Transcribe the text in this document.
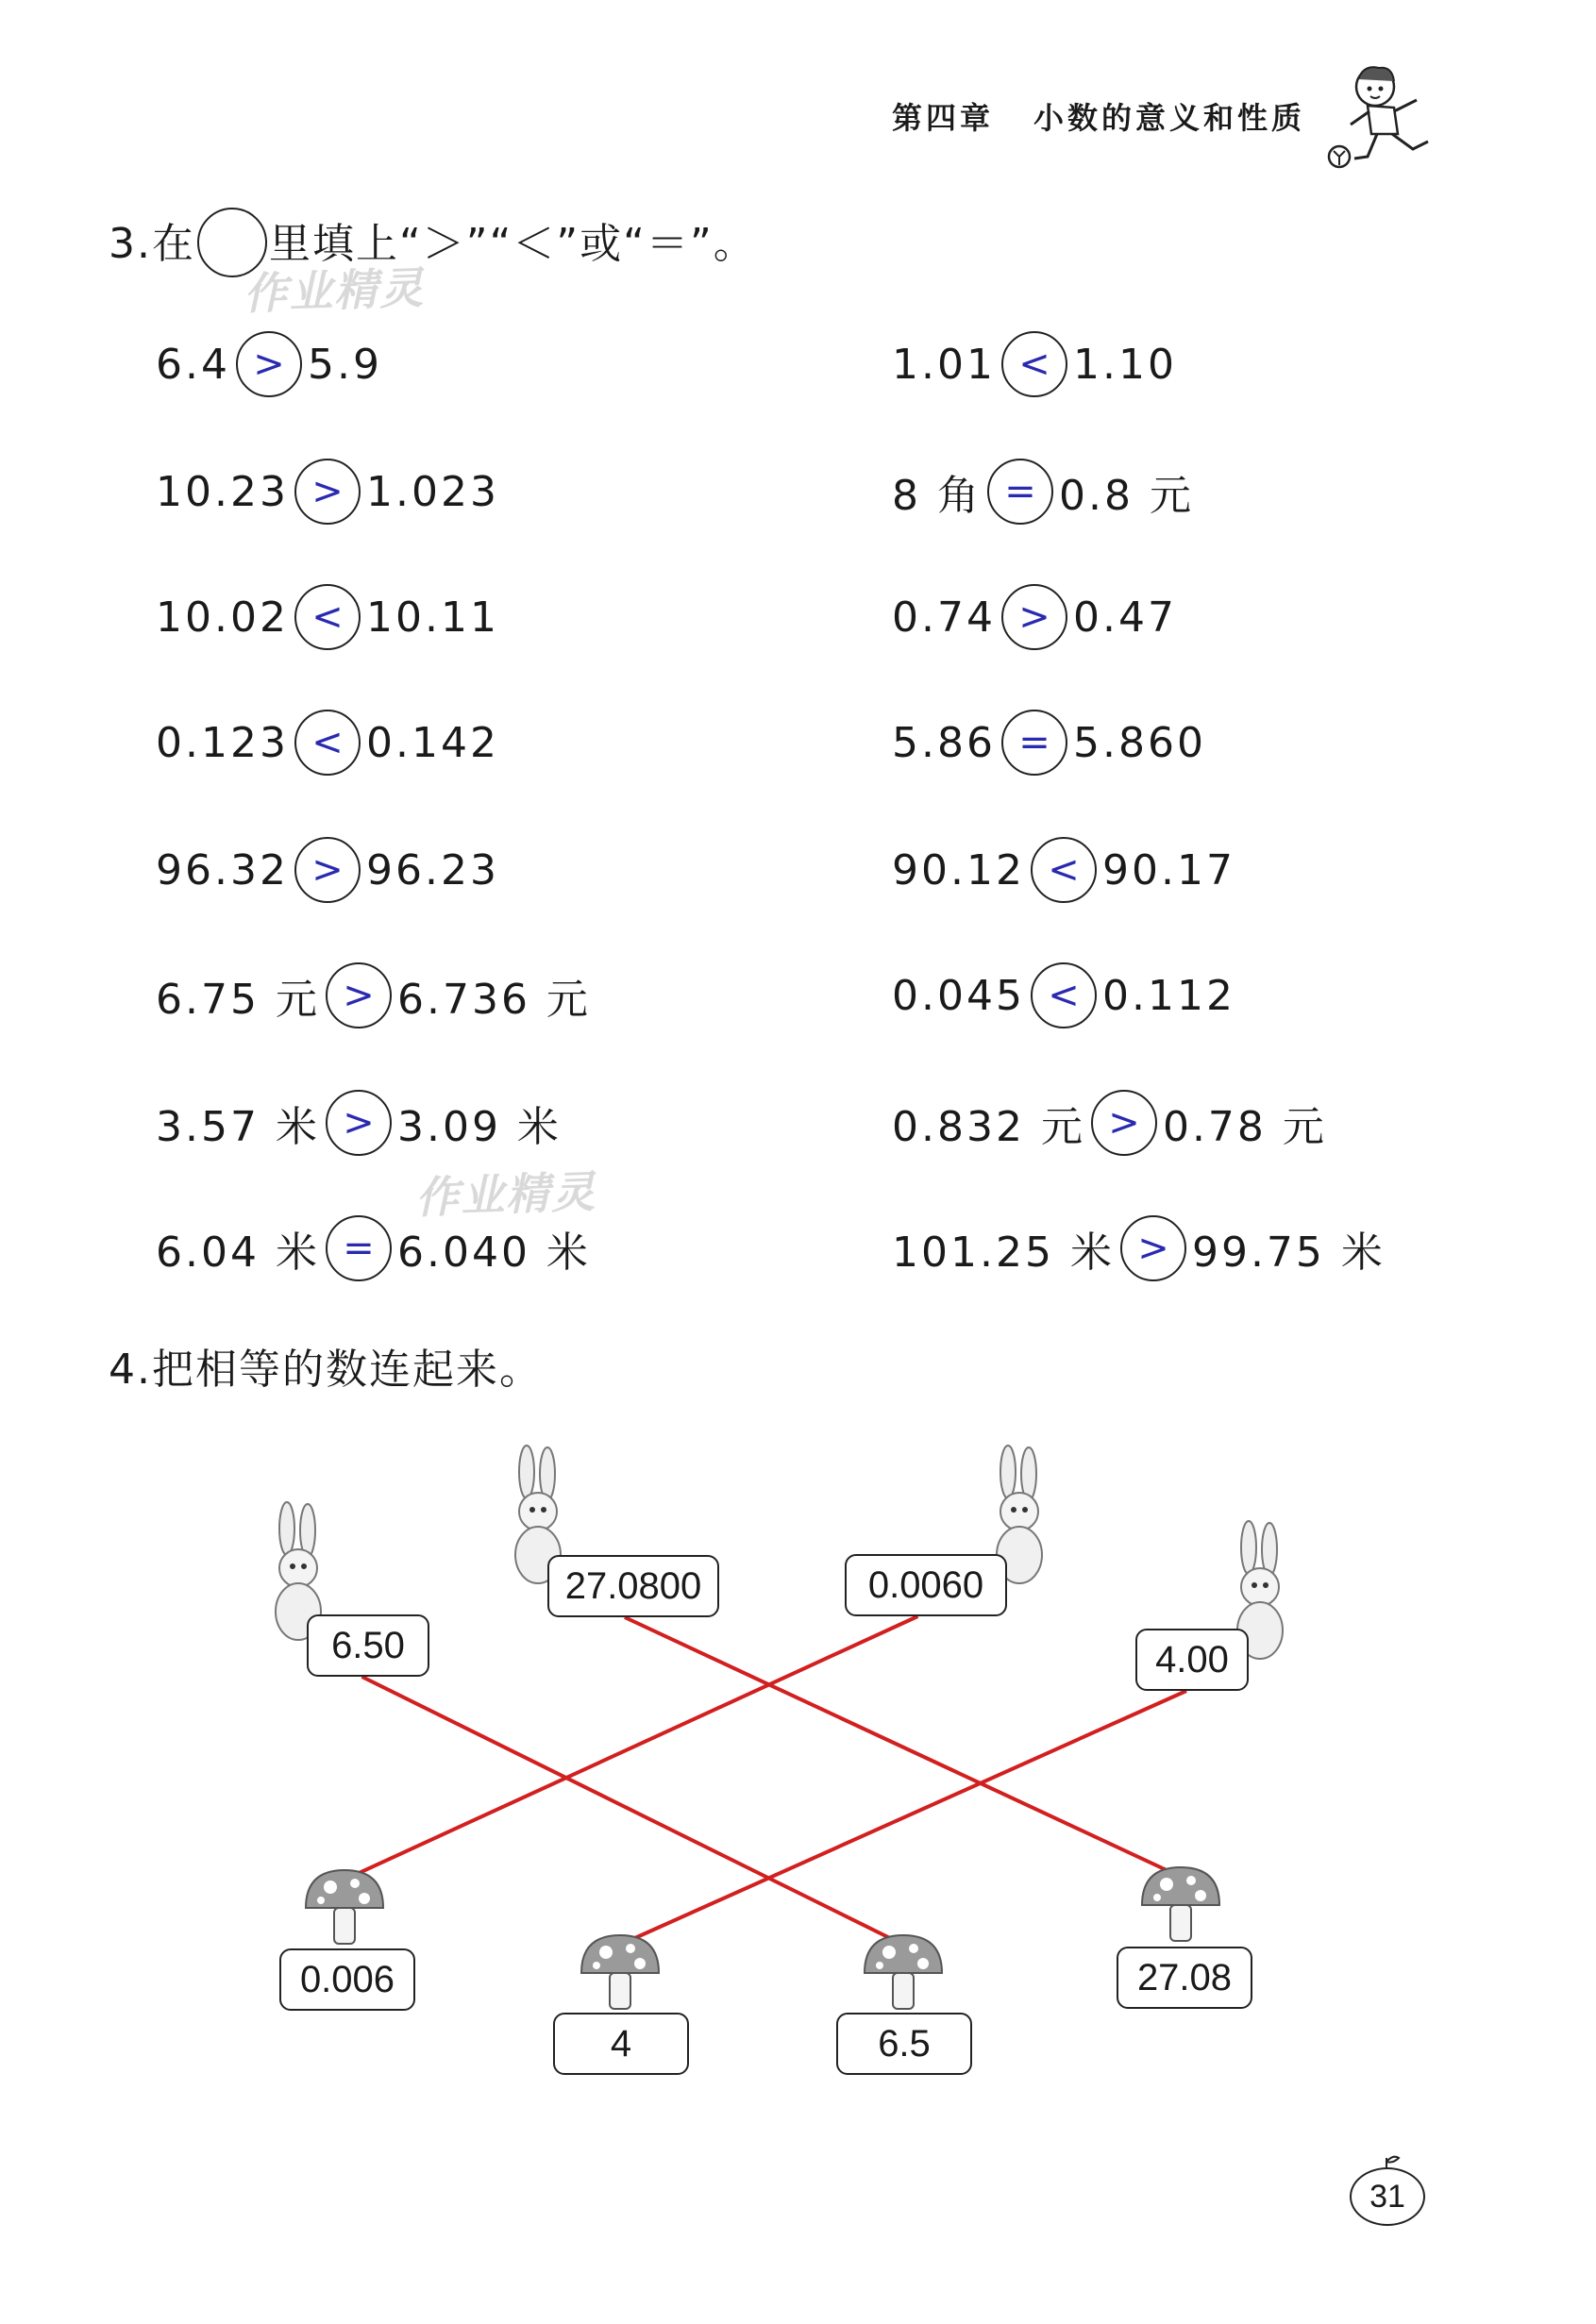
第四章 小数的意义和性质
3.在 里填上“＞”“＜”或“＝”。
作业精灵
6.4 > 5.9
10.23 > 1.023
10.02 < 10.11
0.123 < 0.142
96.32 > 96.23
6.75 元 > 6.736 元
3.57 米 > 3.09 米
6.04 米 = 6.040 米
1.01 < 1.10
8 角 = 0.8 元
0.74 > 0.47
5.86 = 5.860
90.12 < 90.17
0.045 < 0.112
0.832 元 > 0.78 元
101.25 米 > 99.75 米
作业精灵
4.把相等的数连起来。
6.50
27.0800	0.0060
4.00
0.006
4	6.5
27.08
31
